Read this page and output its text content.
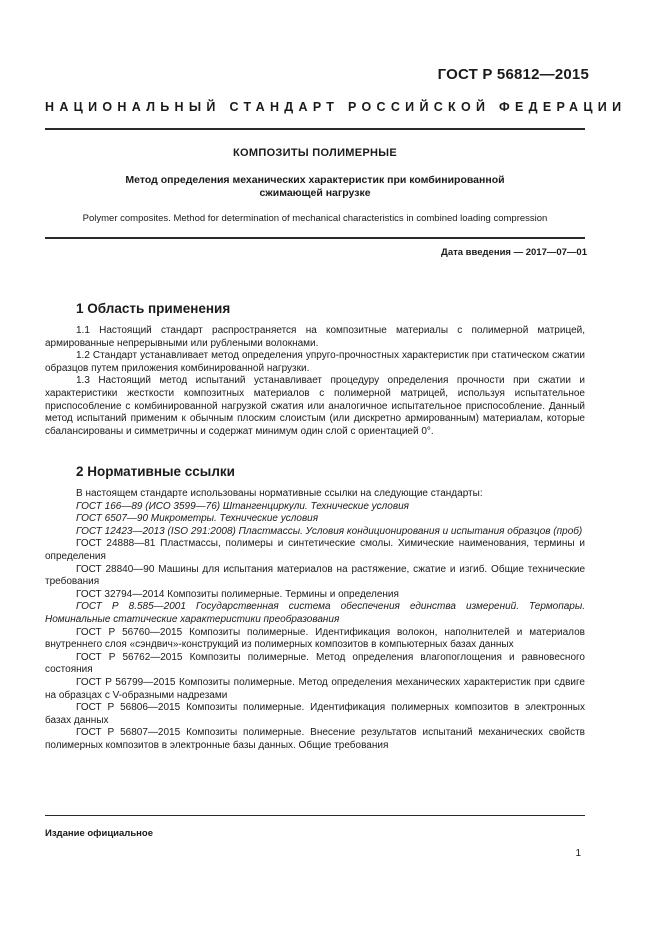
ГОСТ Р 56812—2015
НАЦИОНАЛЬНЫЙ СТАНДАРТ РОССИЙСКОЙ ФЕДЕРАЦИИ
КОМПОЗИТЫ ПОЛИМЕРНЫЕ
Метод определения механических характеристик при комбинированной
сжимающей нагрузке
Polymer composites. Method for determination of mechanical characteristics in combined loading compression
Дата введения — 2017—07—01
1 Область применения

1.1 Настоящий стандарт распространяется на композитные материалы с полимерной матрицей, армированные непрерывными или рублеными волокнами.

1.2 Стандарт устанавливает метод определения упруго-прочностных характеристик при статическом сжатии образцов путем приложения комбинированной нагрузки.

1.3 Настоящий метод испытаний устанавливает процедуру определения прочности при сжатии и характеристики жесткости композитных материалов с полимерной матрицей, используя испытательное приспособление с комбинированной нагрузкой сжатия или аналогичное испытательное приспособление. Данный метод испытаний применим к обычным плоским слоистым (или дискретно армированным) материалам, которые сбалансированы и симметричны и содержат минимум один слой с ориентацией 0°.

2 Нормативные ссылки

В настоящем стандарте использованы нормативные ссылки на следующие стандарты:

ГОСТ 166—89 (ИСО 3599—76) Штангенциркули. Технические условия

ГОСТ 6507—90 Микрометры. Технические условия

ГОСТ 12423—2013 (ISO 291:2008) Пластмассы. Условия кондиционирования и испытания образцов (проб)

ГОСТ 24888—81 Пластмассы, полимеры и синтетические смолы. Химические наименования, термины и определения

ГОСТ 28840—90 Машины для испытания материалов на растяжение, сжатие и изгиб. Общие технические требования

ГОСТ 32794—2014 Композиты полимерные. Термины и определения

ГОСТ Р 8.585—2001 Государственная система обеспечения единства измерений. Термопары. Номинальные статические характеристики преобразования

ГОСТ Р 56760—2015 Композиты полимерные. Идентификация волокон, наполнителей и материалов внутреннего слоя «сэндвич»-конструкций из полимерных композитов в компьютерных базах данных

ГОСТ Р 56762—2015 Композиты полимерные. Метод определения влагопоглощения и равновесного состояния

ГОСТ Р 56799—2015 Композиты полимерные. Метод определения механических характеристик при сдвиге на образцах с V-образными надрезами

ГОСТ Р 56806—2015 Композиты полимерные. Идентификация полимерных композитов в электронных базах данных

ГОСТ Р 56807—2015 Композиты полимерные. Внесение результатов испытаний механических свойств полимерных композитов в электронные базы данных. Общие требования

Издание официальное
1
